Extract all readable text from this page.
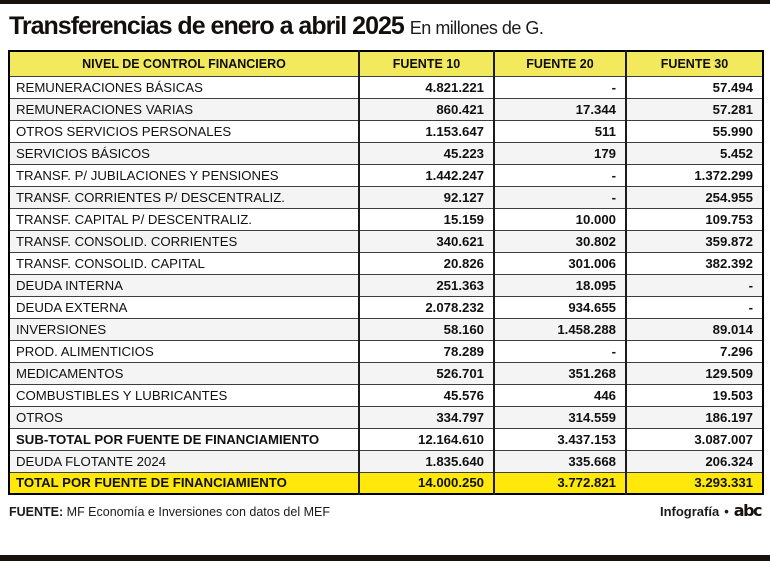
Transferencias de enero a abril 2025 En millones de G.
NIVEL DE CONTROL FINANCIERO	FUENTE 10	FUENTE 20	FUENTE 30
REMUNERACIONES BÁSICAS	4.821.221	-	57.494
REMUNERACIONES VARIAS	860.421	17.344	57.281
OTROS SERVICIOS PERSONALES	1.153.647	511	55.990
SERVICIOS BÁSICOS	45.223	179	5.452
TRANSF. P/ JUBILACIONES Y PENSIONES	1.442.247	-	1.372.299
TRANSF. CORRIENTES P/ DESCENTRALIZ.	92.127	-	254.955
TRANSF. CAPITAL P/ DESCENTRALIZ.	15.159	10.000	109.753
TRANSF. CONSOLID. CORRIENTES	340.621	30.802	359.872
TRANSF. CONSOLID. CAPITAL	20.826	301.006	382.392
DEUDA INTERNA	251.363	18.095	-
DEUDA EXTERNA	2.078.232	934.655	-
INVERSIONES	58.160	1.458.288	89.014
PROD. ALIMENTICIOS	78.289	-	7.296
MEDICAMENTOS	526.701	351.268	129.509
COMBUSTIBLES Y LUBRICANTES	45.576	446	19.503
OTROS	334.797	314.559	186.197
SUB-TOTAL POR FUENTE DE FINANCIAMIENTO	12.164.610	3.437.153	3.087.007
DEUDA FLOTANTE 2024	1.835.640	335.668	206.324
TOTAL POR FUENTE DE FINANCIAMIENTO	14.000.250	3.772.821	3.293.331
FUENTE: MF Economía e Inversiones con datos del MEF	Infografía • abc
